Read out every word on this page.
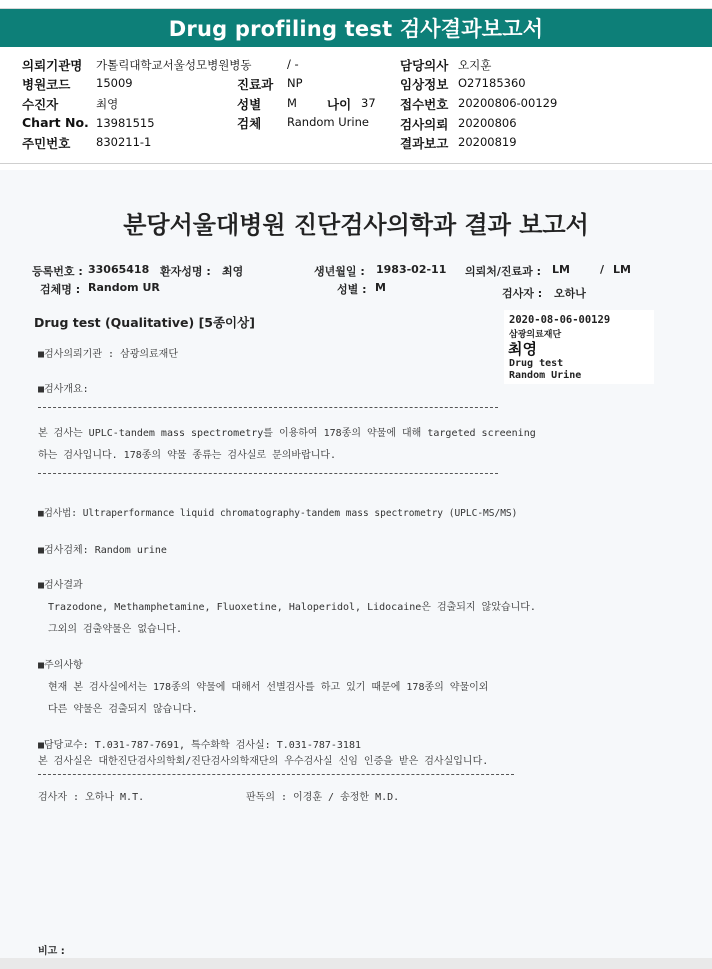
Drug profiling test 검사결과보고서
의뢰기관명 가톨릭대학교서울성모병원병동	/ -	담당의사 오지훈
병원코드 15009	진료과 NP	임상정보 O27185360
수진자	최영	성별 M 나이 37 접수번호 20200806-00129
Chart No. 13981515	검체 Random Urine 검사의뢰 20200806
주민번호 830211-1	결과보고 20200819
분당서울대병원 진단검사의학과 결과 보고서
등록번호 : 33065418 환자성명 : 최영	생년월일 : 1983-02-11 의뢰처/진료과 : LM	/ LM
검체명 : Random UR	성별 : M	검사자 : 오하나
Drug test (Qualitative) [5종이상]	2020-08-06-00129
삼광의료재단
최영
Drug test
Random Urine
■검사의뢰기관 : 삼광의료재단
■검사개요:
본 검사는 UPLC-tandem mass spectrometry를 이용하여 178종의 약물에 대해 targeted screening
하는 검사입니다. 178종의 약물 종류는 검사실로 문의바랍니다.
■검사법: Ultraperformance liquid chromatography-tandem mass spectrometry (UPLC-MS/MS)
■검사검체: Random urine
■검사결과
Trazodone, Methamphetamine, Fluoxetine, Haloperidol, Lidocaine은 검출되지 않았습니다.
그외의 검출약물은 없습니다.
■주의사항
현재 본 검사실에서는 178종의 약물에 대해서 선별검사를 하고 있기 때문에 178종의 약물이외
다른 약물은 검출되지 않습니다.
■담당교수: T.031-787-7691, 특수화학 검사실: T.031-787-3181
본 검사실은 대한진단검사의학회/진단검사의학재단의 우수검사실 신임 인증을 받은 검사실입니다.
검사자 : 오하나 M.T.	판독의 : 이경훈 / 송정한 M.D.
비고 :
